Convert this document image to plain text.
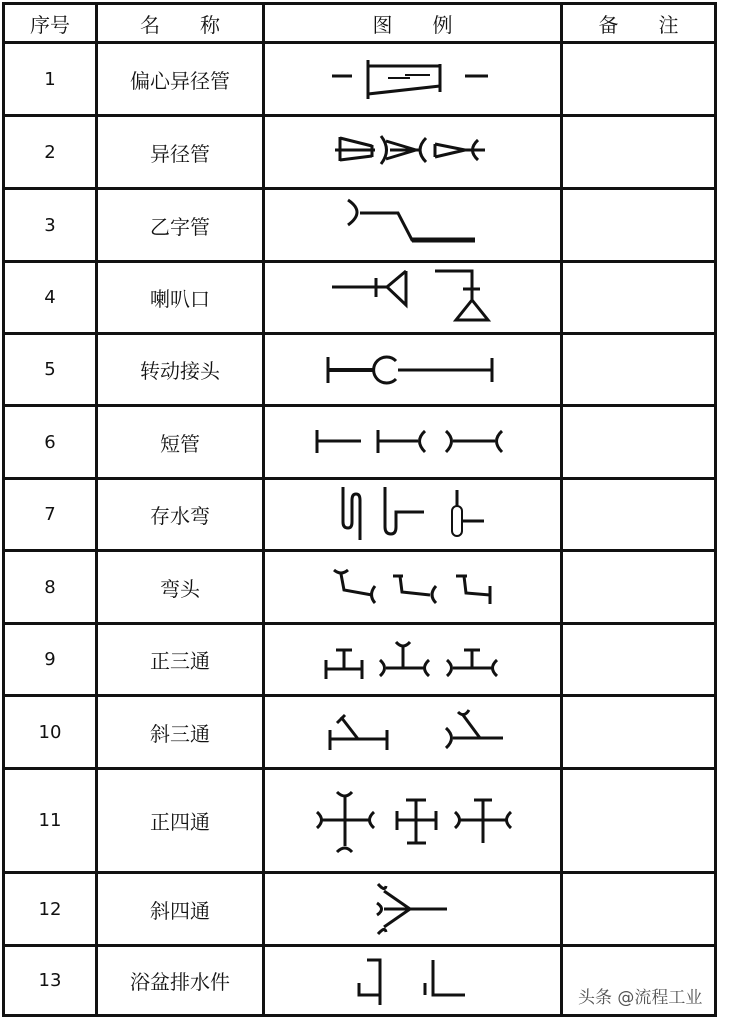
序号	名　　称	图　　例	备　　注
1	偏心异径管		
2	异径管		
3	乙字管		
4	喇叭口		
5	转动接头		
6	短管		
7	存水弯		
8	弯头		
9	正三通		
10	斜三通		
11	正四通		
12	斜四通		
13	浴盆排水件		
头条 @流程工业
